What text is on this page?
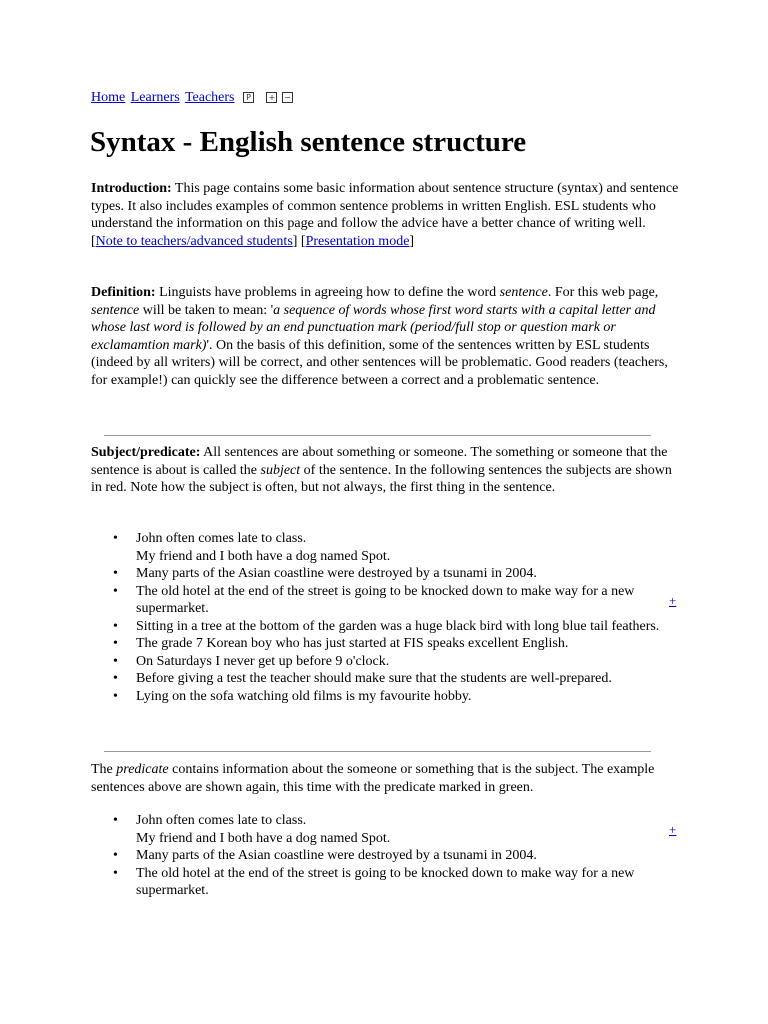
Home Learners Teachers P + −
Syntax - English sentence structure

Introduction: This page contains some basic information about sentence structure (syntax) and sentence types. It also includes examples of common sentence problems in written English. ESL students who understand the information on this page and follow the advice have a better chance of writing well.

[Note to teachers/advanced students] [Presentation mode]

Definition: Linguists have problems in agreeing how to define the word sentence. For this web page, sentence will be taken to mean: 'a sequence of words whose first word starts with a capital letter and whose last word is followed by an end punctuation mark (period/full stop or question mark or exclamamtion mark)'. On the basis of this definition, some of the sentences written by ESL students (indeed by all writers) will be correct, and other sentences will be problematic. Good readers (teachers, for example!) can quickly see the difference between a correct and a problematic sentence.

Subject/predicate: All sentences are about something or someone. The something or someone that the sentence is about is called the subject of the sentence. In the following sentences the subjects are shown in red. Note how the subject is often, but not always, the first thing in the sentence.

• John often comes late to class.
My friend and I both have a dog named Spot.
• Many parts of the Asian coastline were destroyed by a tsunami in 2004.
• The old hotel at the end of the street is going to be knocked down to make way for a new supermarket.
• Sitting in a tree at the bottom of the garden was a huge black bird with long blue tail feathers.
• The grade 7 Korean boy who has just started at FIS speaks excellent English.
• On Saturdays I never get up before 9 o'clock.
• Before giving a test the teacher should make sure that the students are well-prepared.
• Lying on the sofa watching old films is my favourite hobby.
+

The predicate contains information about the someone or something that is the subject. The example sentences above are shown again, this time with the predicate marked in green.

• John often comes late to class.
My friend and I both have a dog named Spot.
• Many parts of the Asian coastline were destroyed by a tsunami in 2004.
• The old hotel at the end of the street is going to be knocked down to make way for a new supermarket.
+
